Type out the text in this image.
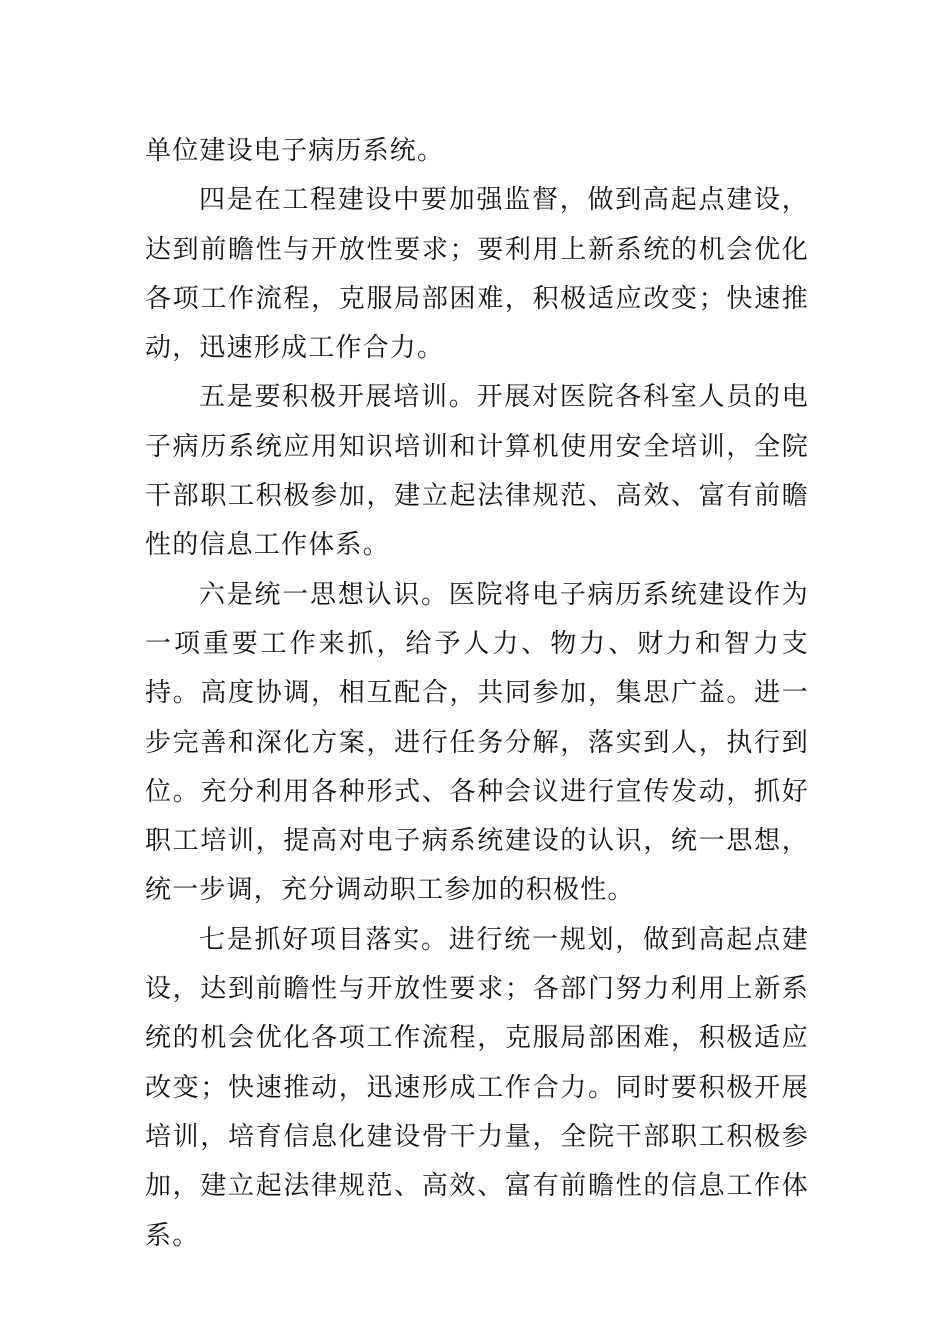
单位建设电子病历系统。

四是在工程建设中要加强监督，做到高起点建设，达到前瞻性与开放性要求；要利用上新系统的机会优化各项工作流程，克服局部困难，积极适应改变；快速推动，迅速形成工作合力。

五是要积极开展培训。开展对医院各科室人员的电子病历系统应用知识培训和计算机使用安全培训，全院干部职工积极参加，建立起法律规范、高效、富有前瞻性的信息工作体系。

六是统一思想认识。医院将电子病历系统建设作为一项重要工作来抓，给予人力、物力、财力和智力支持。高度协调，相互配合，共同参加，集思广益。进一步完善和深化方案，进行任务分解，落实到人，执行到位。充分利用各种形式、各种会议进行宣传发动，抓好职工培训，提高对电子病系统建设的认识，统一思想，统一步调，充分调动职工参加的积极性。

七是抓好项目落实。进行统一规划，做到高起点建设，达到前瞻性与开放性要求；各部门努力利用上新系统的机会优化各项工作流程，克服局部困难，积极适应改变；快速推动，迅速形成工作合力。同时要积极开展培训，培育信息化建设骨干力量，全院干部职工积极参加，建立起法律规范、高效、富有前瞻性的信息工作体系。
